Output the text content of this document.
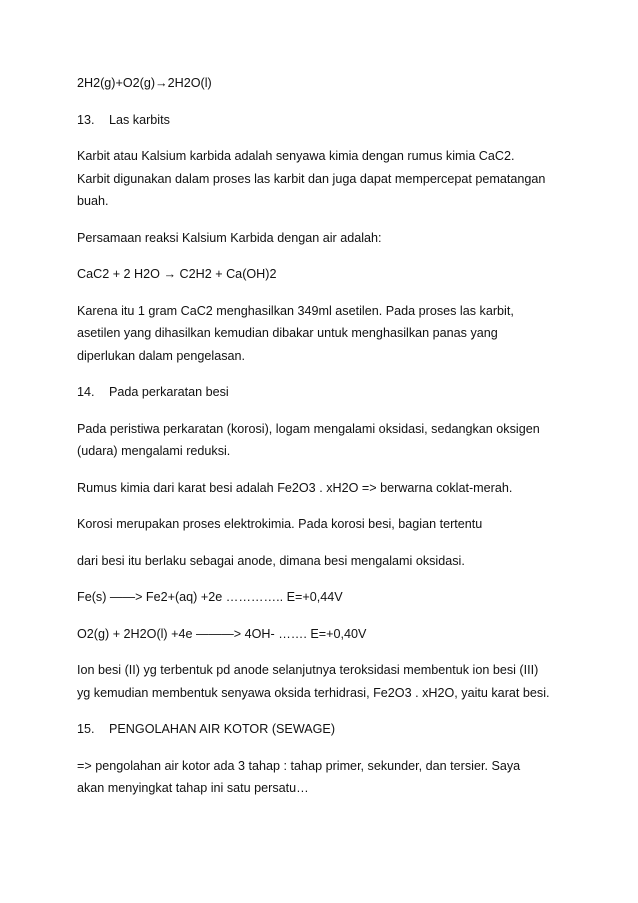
2H2(g)+O2(g)→2H2O(l)
13. Las karbits
Karbit atau Kalsium karbida adalah senyawa kimia dengan rumus kimia CaC2.
Karbit digunakan dalam proses las karbit dan juga dapat mempercepat pematangan
buah.
Persamaan reaksi Kalsium Karbida dengan air adalah:
CaC2 + 2 H2O → C2H2 + Ca(OH)2
Karena itu 1 gram CaC2 menghasilkan 349ml asetilen. Pada proses las karbit,
asetilen yang dihasilkan kemudian dibakar untuk menghasilkan panas yang
diperlukan dalam pengelasan.
14. Pada perkaratan besi
Pada peristiwa perkaratan (korosi), logam mengalami oksidasi, sedangkan oksigen
(udara) mengalami reduksi.
Rumus kimia dari karat besi adalah Fe2O3 . xH2O => berwarna coklat-merah.
Korosi merupakan proses elektrokimia. Pada korosi besi, bagian tertentu
dari besi itu berlaku sebagai anode, dimana besi mengalami oksidasi.
Fe(s) ——> Fe2+(aq) +2e ………….. E=+0,44V
O2(g) + 2H2O(l) +4e ———> 4OH- ……. E=+0,40V
Ion besi (II) yg terbentuk pd anode selanjutnya teroksidasi membentuk ion besi (III)
yg kemudian membentuk senyawa oksida terhidrasi, Fe2O3 . xH2O, yaitu karat besi.
15. PENGOLAHAN AIR KOTOR (SEWAGE)
=> pengolahan air kotor ada 3 tahap : tahap primer, sekunder, dan tersier. Saya
akan menyingkat tahap ini satu persatu…
